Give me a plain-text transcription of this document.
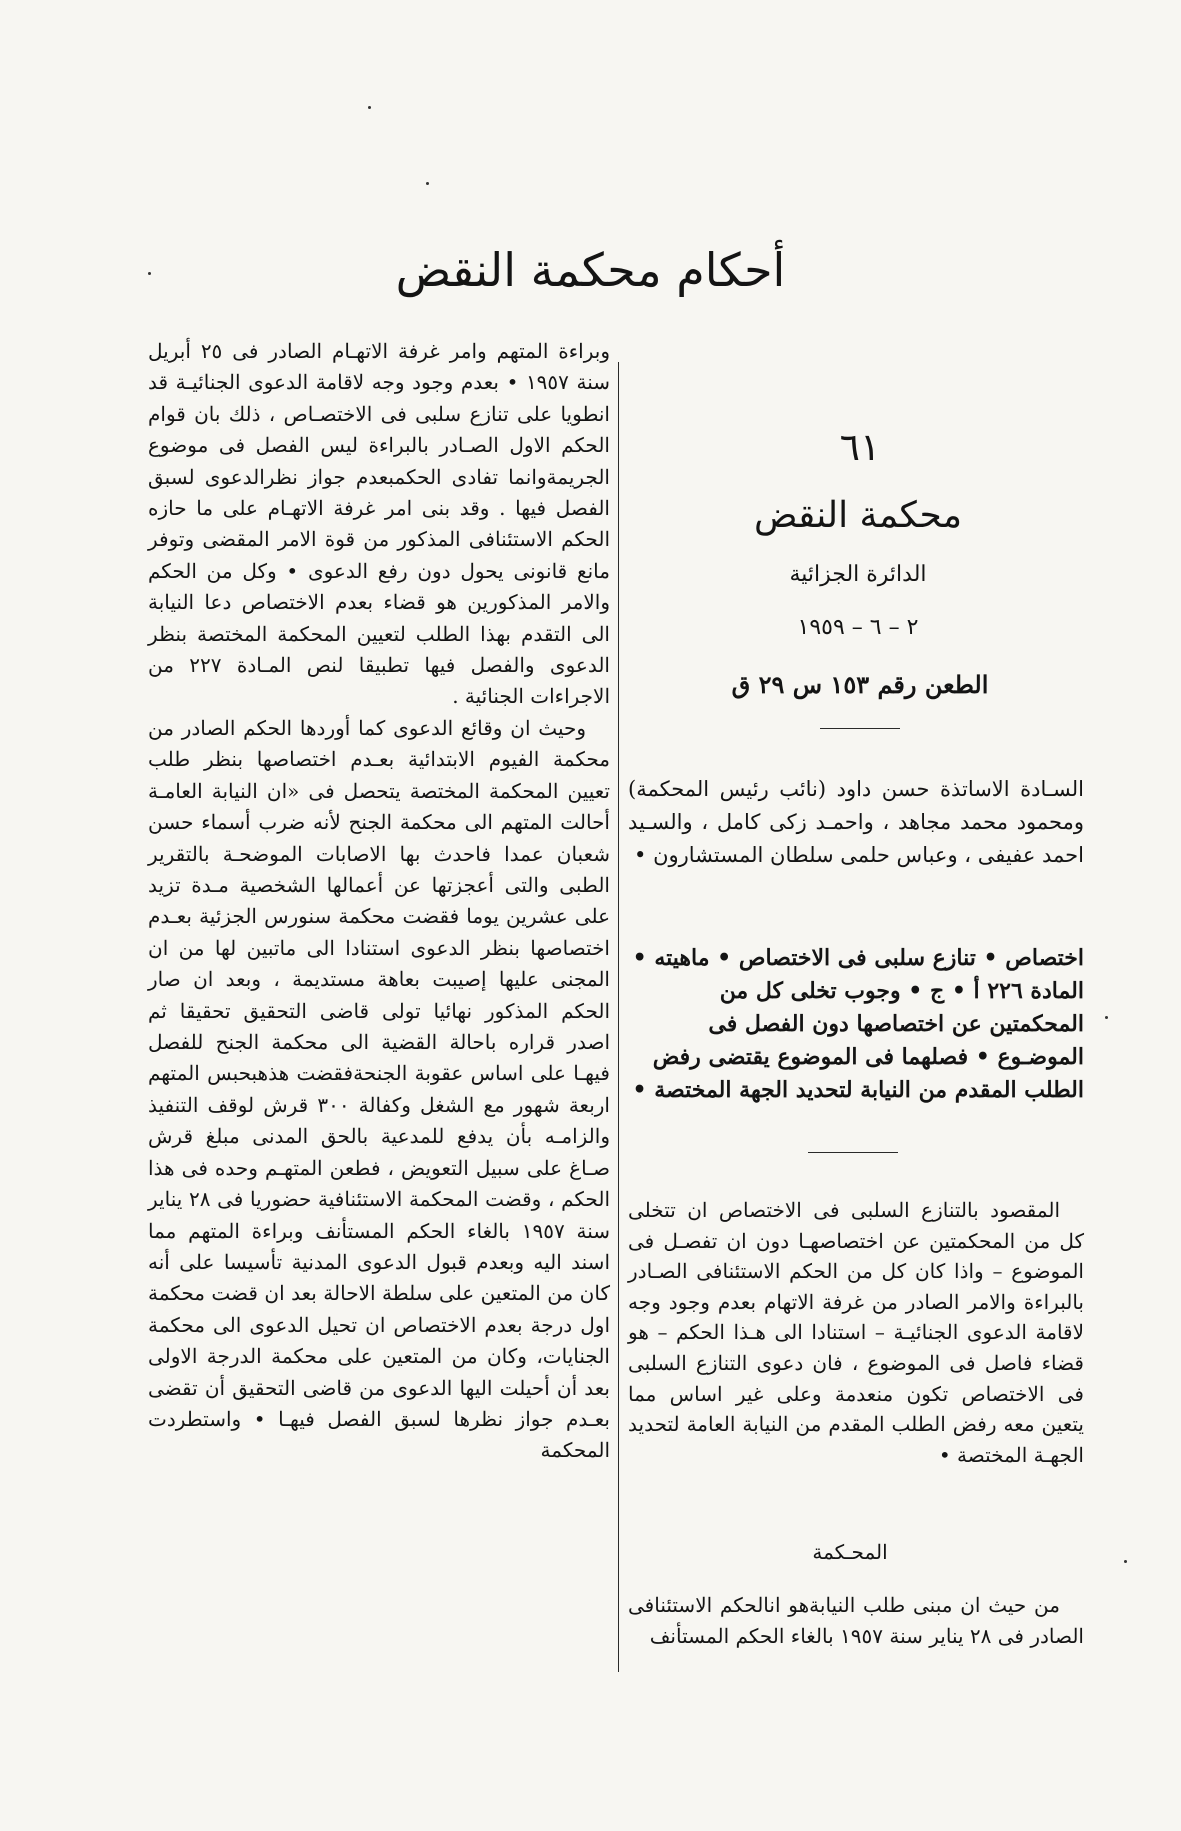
أحكام محكمة النقض

وبراءة المتهم وامر غرفة الاتهـام الصادر فى ٢٥ أبريل سنة ١٩٥٧ • بعدم وجود وجه لاقامة الدعوى الجنائيـة قد انطويا على تنازع سلبى فى الاختصـاص ، ذلك بان قوام الحكم الاول الصـادر بالبراءة ليس الفصل فى موضوع الجريمةوانما تفادى الحكمبعدم جواز نظرالدعوى لسبق الفصل فيها . وقد بنى امر غرفة الاتهـام على ما حازه الحكم الاستئنافى المذكور من قوة الامر المقضى وتوفر مانع قانونى يحول دون رفع الدعوى • وكل من الحكم والامر المذكورين هو قضاء بعدم الاختصاص دعا النيابة الى التقدم بهذا الطلب لتعيين المحكمة المختصة بنظر الدعوى والفصل فيها تطبيقا لنص المـادة ٢٢٧ من الاجراءات الجنائية .

وحيث ان وقائع الدعوى كما أوردها الحكم الصادر من محكمة الفيوم الابتدائية بعـدم اختصاصها بنظر طلب تعيين المحكمة المختصة يتحصل فى «ان النيابة العامـة أحالت المتهم الى محكمة الجنح لأنه ضرب أسماء حسن شعبان عمدا فاحدث بها الاصابات الموضحـة بالتقرير الطبى والتى أعجزتها عن أعمالها الشخصية مـدة تزيد على عشرين يوما فقضت محكمة سنورس الجزئية بعـدم اختصاصها بنظر الدعوى استنادا الى ماتبين لها من ان المجنى عليها إصيبت بعاهة مستديمة ، وبعد ان صار الحكم المذكور نهائيا تولى قاضى التحقيق تحقيقا ثم اصدر قراره باحالة القضية الى محكمة الجنح للفصل فيهـا على اساس عقوبة الجنحةفقضت هذهبحبس المتهم اربعة شهور مع الشغل وكفالة ٣٠٠ قرش لوقف التنفيذ والزامـه بأن يدفع للمدعية بالحق المدنى مبلغ قرش صـاغ على سبيل التعويض ، فطعن المتهـم وحده فى هذا الحكم ، وقضت المحكمة الاستئنافية حضوريا فى ٢٨ يناير سنة ١٩٥٧ بالغاء الحكم المستأنف وبراءة المتهم مما اسند اليه وبعدم قبول الدعوى المدنية تأسيسا على أنه كان من المتعين على سلطة الاحالة بعد ان قضت محكمة اول درجة بعدم الاختصاص ان تحيل الدعوى الى محكمة الجنايات، وكان من المتعين على محكمة الدرجة الاولى بعد أن أحيلت اليها الدعوى من قاضى التحقيق أن تقضى بعـدم جواز نظرها لسبق الفصل فيهـا • واستطردت المحكمة

٦١
محكمة النقض
الدائرة الجزائية
٢ – ٦ – ١٩٥٩
الطعن رقم ١٥٣ س ٢٩ ق
السـادة الاساتذة حسن داود (نائب رئيس المحكمة) ومحمود محمد مجاهد ، واحمـد زكى كامل ، والسـيد احمد عفيفى ، وعباس حلمى سلطان المستشارون •
اختصاص • تنازع سلبى فى الاختصاص • ماهيته • المادة ٢٢٦ أ • ج • وجوب تخلى كل من المحكمتين عن اختصاصها دون الفصل فى الموضـوع • فصلهما فى الموضوع يقتضى رفض الطلب المقدم من النيابة لتحديد الجهة المختصة •

المقصود بالتنازع السلبى فى الاختصاص ان تتخلى كل من المحكمتين عن اختصاصهـا دون ان تفصـل فى الموضوع – واذا كان كل من الحكم الاستئنافى الصـادر بالبراءة والامر الصادر من غرفة الاتهام بعدم وجود وجه لاقامة الدعوى الجنائيـة – استنادا الى هـذا الحكم – هو قضاء فاصل فى الموضوع ، فان دعوى التنازع السلبى فى الاختصاص تكون منعدمة وعلى غير اساس مما يتعين معه رفض الطلب المقدم من النيابة العامة لتحديد الجهـة المختصة •

المحـكمة

من حيث ان مبنى طلب النيابةهو انالحكم الاستئنافى الصادر فى ٢٨ يناير سنة ١٩٥٧ بالغاء الحكم المستأنف
